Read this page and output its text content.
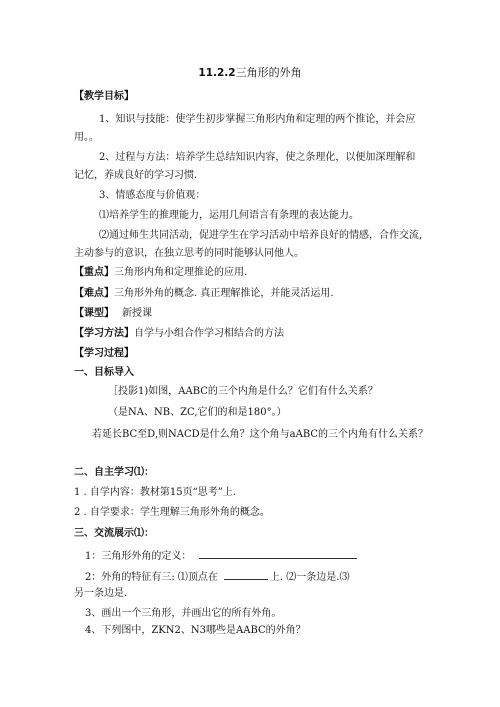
11.2.2三角形的外角
【教学目标】
1、知识与技能：使学生初步掌握三角形内角和定理的两个推论，并会应
用。。
2、过程与方法：培养学生总结知识内容，使之条理化，以便加深理解和
记忆，养成良好的学习习惯.
3、情感态度与价值观：
⑴培养学生的推理能力，运用几何语言有条理的表达能力。
⑵通过师生共同活动，促进学生在学习活动中培养良好的情感，合作交流,
主动参与的意识，在独立思考的同时能够认同他人。
【重点】三角形内角和定理推论的应用.
【难点】三角形外角的概念. 真正理解推论，并能灵活运用.
【课型】 新授课
【学习方法】自学与小组合作学习相结合的方法
【学习过程】
一、目标导入
［投影1)如图，AABC的三个内角是什么？它们有什么关系？
（是NA、NB、ZC,它们的和是180°。）
若延长BC至D,则NACD是什么角？这个角与aABC的三个内角有什么关系？
二、自主学习⑴：
1 . 自学内容：教材第15页“思考”上.
2 . 自学要求：学生理解三角形外角的概念。
三、交流展示⑴：
1：三角形外角的定义：
2：外角的特征有三: ⑴顶点在	上. ⑵一条边是.⑶
另一条边是.
3、画出一个三角形，并画出它的所有外角。
4、下列图中，ZKN2、N3哪些是AABC的外角？
